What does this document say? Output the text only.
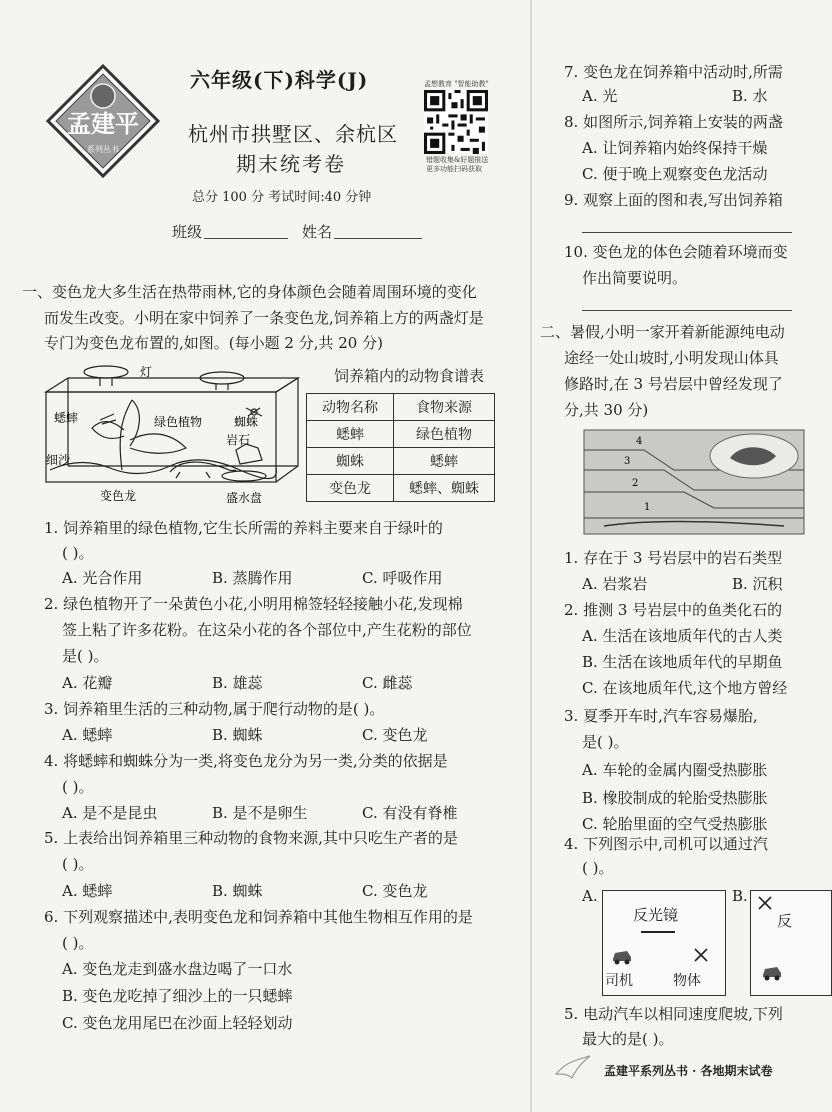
孟建平
系列丛书
六年级(下)科学(J)
杭州市拱墅区、余杭区
期末统考卷
总分 100 分 考试时间:40 分钟
班级	姓名
孟想教育 "智能助教"
错题收集&好题推送
更多功能扫码获取
一、变色龙大多生活在热带雨林,它的身体颜色会随着周围环境的变化
而发生改变。小明在家中饲养了一条变色龙,饲养箱上方的两盏灯是
专门为变色龙布置的,如图。(每小题 2 分,共 20 分)
灯
蟋蟀	绿色植物	蜘蛛
岩石
细沙
变色龙	盛水盘
饲养箱内的动物食谱表
动物名称	食物来源
蟋蟀	绿色植物
蜘蛛	蟋蟀
变色龙	蟋蟀、蜘蛛
1. 饲养箱里的绿色植物,它生长所需的养料主要来自于绿叶的
( )。
A. 光合作用	B. 蒸腾作用	C. 呼吸作用
2. 绿色植物开了一朵黄色小花,小明用棉签轻轻接触小花,发现棉
签上粘了许多花粉。在这朵小花的各个部位中,产生花粉的部位
是( )。
A. 花瓣	B. 雄蕊	C. 雌蕊
3. 饲养箱里生活的三种动物,属于爬行动物的是( )。
A. 蟋蟀	B. 蜘蛛	C. 变色龙
4. 将蟋蟀和蜘蛛分为一类,将变色龙分为另一类,分类的依据是
( )。
A. 是不是昆虫	B. 是不是卵生	C. 有没有脊椎
5. 上表给出饲养箱里三种动物的食物来源,其中只吃生产者的是
( )。
A. 蟋蟀	B. 蜘蛛	C. 变色龙
6. 下列观察描述中,表明变色龙和饲养箱中其他生物相互作用的是
( )。
A. 变色龙走到盛水盘边喝了一口水
B. 变色龙吃掉了细沙上的一只蟋蟀
C. 变色龙用尾巴在沙面上轻轻划动
7. 变色龙在饲养箱中活动时,所需
A. 光	B. 水
8. 如图所示,饲养箱上安装的两盏
A. 让饲养箱内始终保持干燥
C. 便于晚上观察变色龙活动
9. 观察上面的图和表,写出饲养箱
10. 变色龙的体色会随着环境而变
作出简要说明。
二、暑假,小明一家开着新能源纯电动
途经一处山坡时,小明发现山体具
修路时,在 3 号岩层中曾经发现了
分,共 30 分)
4
3
2
1
1. 存在于 3 号岩层中的岩石类型
A. 岩浆岩	B. 沉积
2. 推测 3 号岩层中的鱼类化石的
A. 生活在该地质年代的古人类
B. 生活在该地质年代的早期鱼
C. 在该地质年代,这个地方曾经
3. 夏季开车时,汽车容易爆胎,
是( )。
A. 车轮的金属内圈受热膨胀
B. 橡胶制成的轮胎受热膨胀
C. 轮胎里面的空气受热膨胀
4. 下列图示中,司机可以通过汽
( )。
A.
反光镜
司机	物体
B.
反
5. 电动汽车以相同速度爬坡,下列
最大的是( )。
孟建平系列丛书 · 各地期末试卷
